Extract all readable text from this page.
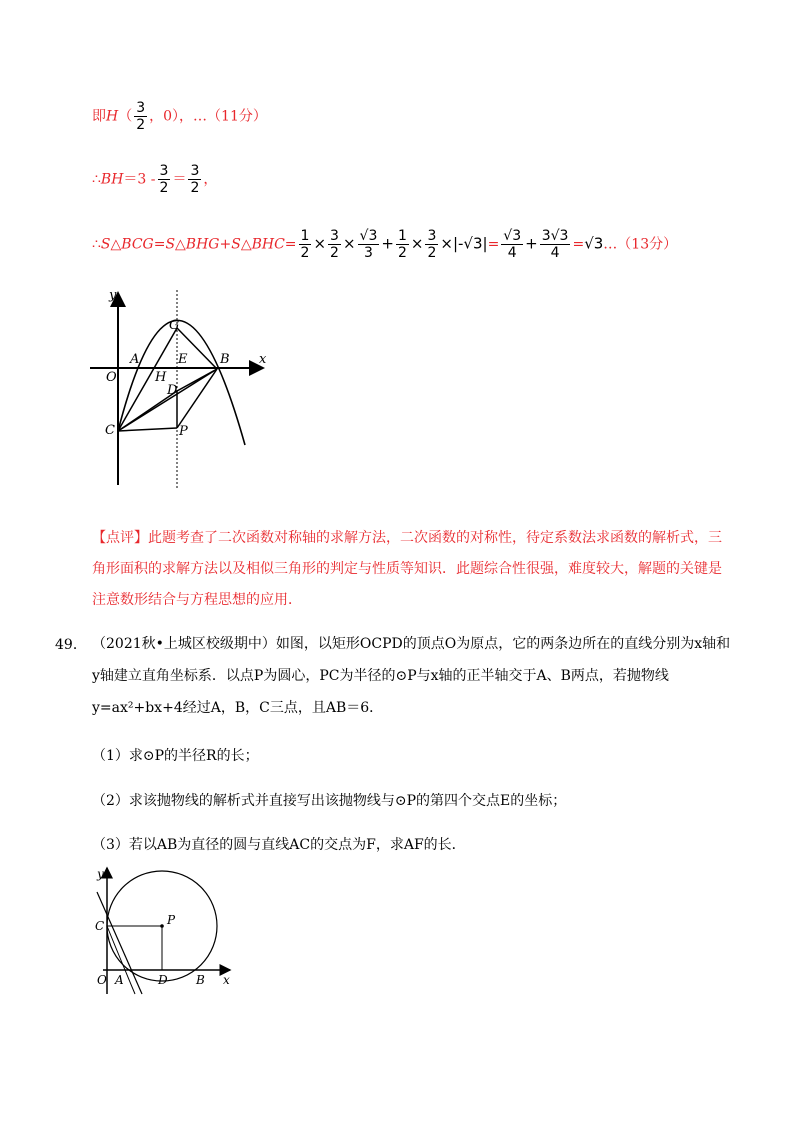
即$H( \frac{3}{2}$ ，0），…（11分）
∴BH＝3 - $\frac{3}{2} = \frac{3}{2}$ ，
∴S△BCG=S△BHG+S△BHC= $\frac{1}{2} \times \frac{3}{2} \times \frac{√3}{3} + \frac{1}{2} \times \frac{3}{2} \times|-√3|= \frac{√3}{4} + \frac{3√3}{4}$ =√3…（13分）
y
x
O
A
H
G
E	B
D
C	P
【点评】此题考查了二次函数对称轴的求解方法，二次函数的对称性，待定系数法求函数的解析式，三角形面积的求解方法以及相似三角形的判定与性质等知识．此题综合性很强，难度较大，解题的关键是注意数形结合与方程思想的应用．
49． （2021秋•上城区校级期中）如图，以矩形OCPD的顶点O为原点，它的两条边所在的直线分别为x轴和y轴建立直角坐标系．以点P为圆心，PC为半径的⊙P与x轴的正半轴交于A、B两点，若抛物线y=ax²+bx+4经过A，B，C三点，且AB＝6．
（1）求⊙P的半径R的长；
（2）求该抛物线的解析式并直接写出该抛物线与⊙P的第四个交点E的坐标；
（3）若以AB为直径的圆与直线AC的交点为F，求AF的长．
y
C	P
O A	D B x
